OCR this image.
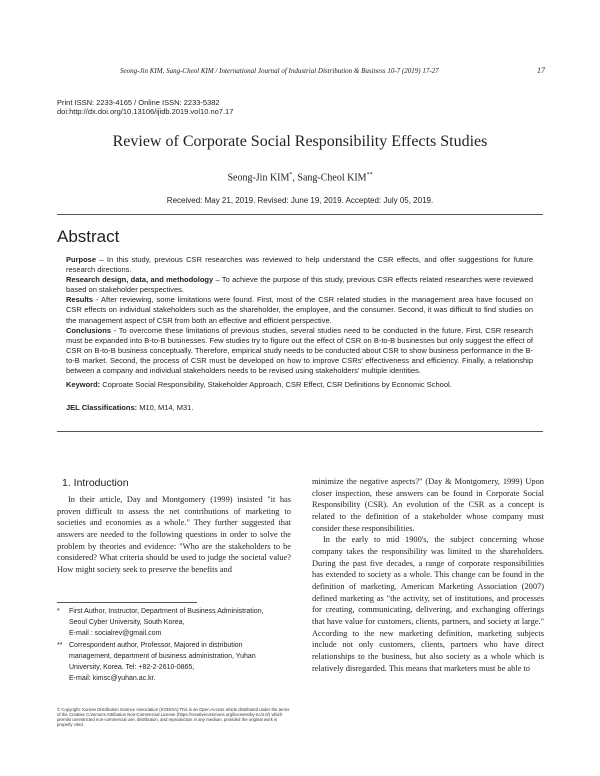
Seong-Jin KIM, Sang-Cheol KIM / International Journal of Industrial Distribution & Business 10-7 (2019) 17-27	17
Print ISSN: 2233-4165 / Online ISSN: 2233-5382
doi:http://dx.doi.org/10.13106/ijidb.2019.vol10.no7.17
Review of Corporate Social Responsibility Effects Studies
Seong-Jin KIM*, Sang-Cheol KIM**
Received: May 21, 2019. Revised: June 19, 2019. Accepted: July 05, 2019.
Abstract

Purpose – In this study, previous CSR researches was reviewed to help understand the CSR effects, and offer suggestions for future research directions.

Research design, data, and methodology – To achieve the purpose of this study, previous CSR effects related researches were reviewed based on stakeholder perspectives.

Results - After reviewing, some limitations were found. First, most of the CSR related studies in the management area have focused on CSR effects on individual stakeholders such as the shareholder, the employee, and the consumer. Second, it was difficult to find studies on the management aspect of CSR from both an effective and efficient perspective.

Conclusions - To overcome these limitations of previous studies, several studies need to be conducted in the future. First, CSR research must be expanded into B-to-B businesses. Few studies try to figure out the effect of CSR on B-to-B businesses but only suggest the effect of CSR on B-to-B business conceptually. Therefore, empirical study needs to be conducted about CSR to show business performance in the B-to-B market. Second, the process of CSR must be developed on how to improve CSRs' effectiveness and efficiency. Finally, a relationship between a company and individual stakeholders needs to be revised using stakeholders' multiple identities.

Keyword: Coproate Social Responsibility, Stakeholder Approach, CSR Effect, CSR Definitions by Economic School.
JEL Classifications: M10, M14, M31.
1. Introduction

In their article, Day and Montgomery (1999) insisted "it has proven difficult to assess the net contributions of marketing to societies and economies as a whole." They further suggested that answers are needed to the following questions in order to solve the problem by theories and evidence: "Who are the stakeholders to be considered? What criteria should be used to judge the societal value? How might society seek to preserve the benefits and

minimize the negative aspects?" (Day & Montgomery, 1999) Upon closer inspection, these answers can be found in Corporate Social Responsibility (CSR). An evolution of the CSR as a concept is related to the definition of a stakeholder whose company must consider these responsibilities.

In the early to mid 1900's, the subject concerning whose company takes the responsibility was limited to the shareholders. During the past five decades, a range of corporate responsibilities has extended to society as a whole. This change can be found in the definition of marketing. American Marketing Association (2007) defined marketing as "the activity, set of institutions, and processes for creating, communicating, delivering, and exchanging offerings that have value for customers, clients, partners, and society at large." According to the new marketing definition, marketing subjects include not only customers, clients, partners who have direct relationships to the business, but also society as a whole which is relatively disregarded. This means that marketers must be able to

*	First Author, Instructor, Department of Business Administration,
Seoul Cyber University, South Korea,
E-mail : socialrev@gmail.com
** Correspondent author, Professor, Majored in distribution
management, department of business administration, Yuhan
University, Korea. Tel: +82-2-2610-0865,
E-mail: kimsc@yuhan.ac.kr.
© Copyright: Korean Distribution Science Association (KODISA) This is an Open Access article distributed under the terms of the Creative Commons Attribution Non-Commercial License (https://creativecommons.org/licenses/by-nc/4.0/) which permits unrestricted non-commercial use, distribution, and reproduction in any medium, provided the original work is properly cited.
